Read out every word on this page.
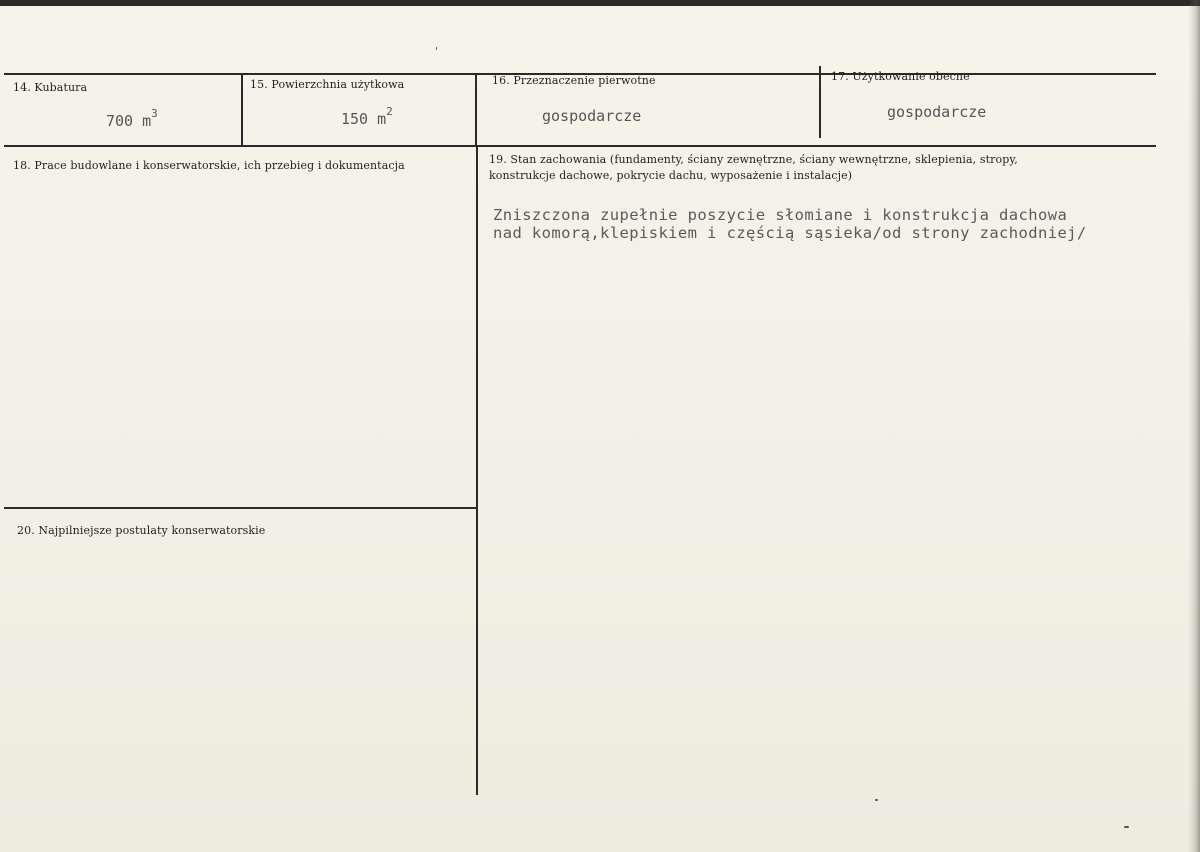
14. Kubatura
700 $m^3$
15. Powierzchnia użytkowa
150 $m^2$
16. Przeznaczenie pierwotne
gospodarcze
17. Użytkowanie obecne
gospodarcze
18. Prace budowlane i konserwatorskie, ich przebieg i dokumentacja	19. Stan zachowania (fundamenty, ściany zewnętrzne, ściany wewnętrzne, sklepienia, stropy,
konstrukcje dachowe, pokrycie dachu, wyposażenie i instalacje)
Zniszczona zupełnie poszycie słomiane i konstrukcja dachowa
nad komorą,klepiskiem i częścią sąsieka/od strony zachodniej/
20. Najpilniejsze postulaty konserwatorskie
